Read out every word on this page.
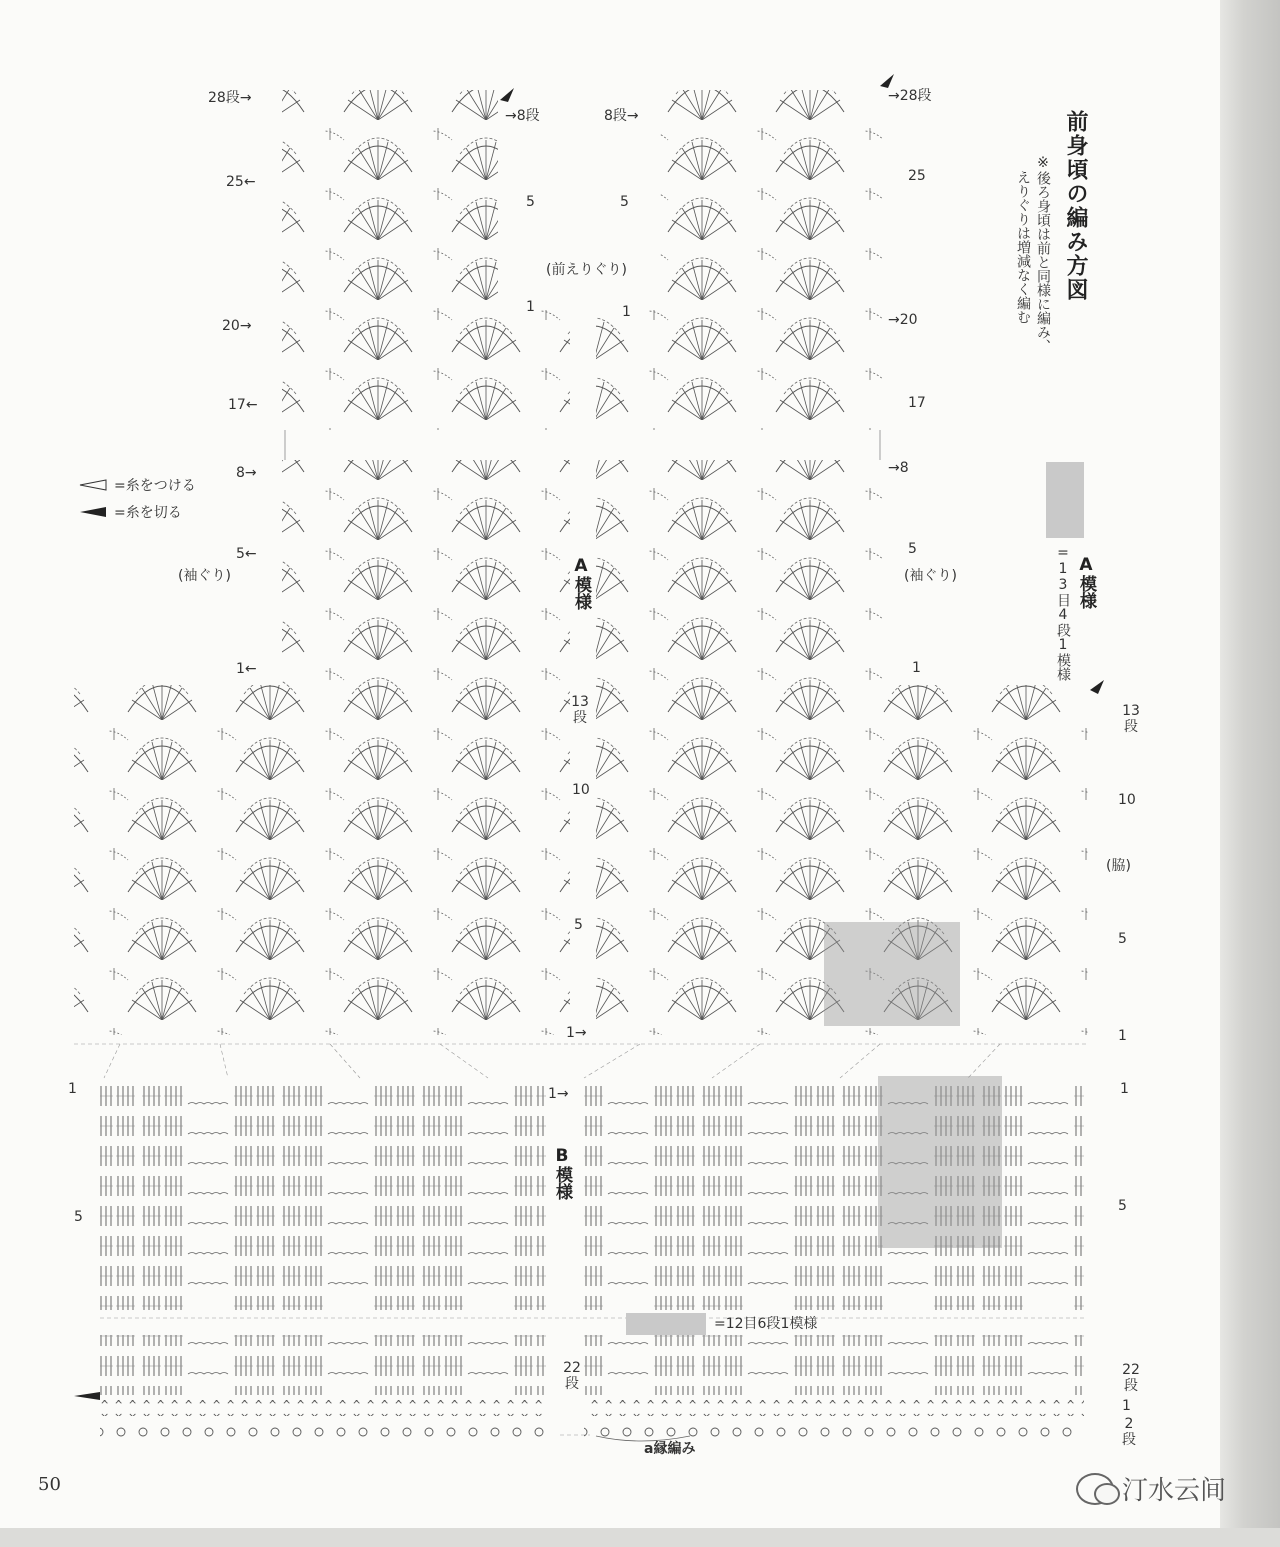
前身頃の編み方図
※後ろ身頃は前と同様に編み、
えりぐりは増減なく編む
A模様
=13目4段1模様
=糸をつける
=糸を切る
B模様
A模様
=12目6段1模様
a縁編み
(前えりぐり)
(袖ぐり)	(袖ぐり)
(脇)
28段→
25←
20→
17←
8→
5←
1←
→8段
5
1
8段→
5
1
→28段
25
→20
17
→8
5
1
13段
10
5
1→
13段
10
5
1
1
5
1→	1
5
22段
22段
1
2段
50	汀水云间
